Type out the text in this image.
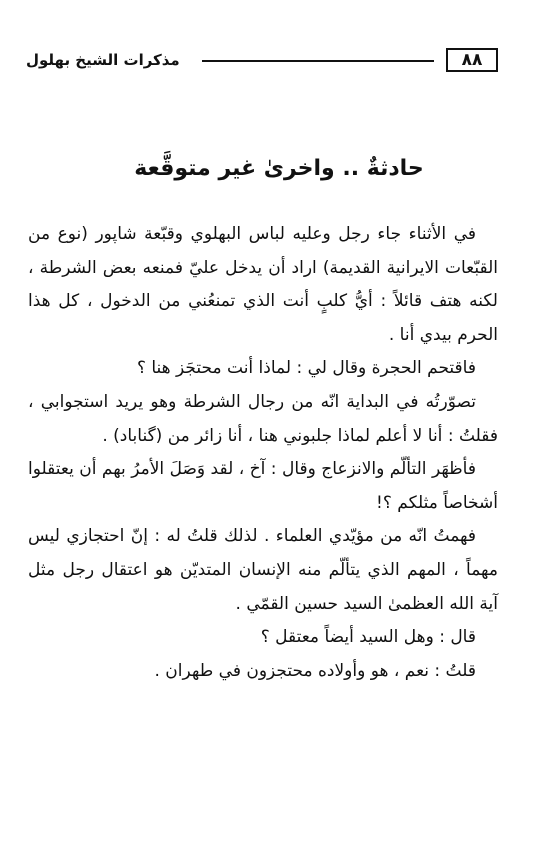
٨٨
مذكرات الشيخ بهلول
حادثةٌ .. واخرىٰ غير متوقَّعة

في الأثناء جاء رجل وعليه لباس البهلوي وقبّعة شاپور (نوع من القبّعات الايرانية القديمة) اراد أن يدخل عليّ فمنعه بعض الشرطة ، لكنه هتف قائلاً : أيُّ كلبٍ أنت الذي تمنعُني من الدخول ، كل هذا الحرم بيدي أنا .

فاقتحم الحجرة وقال لي : لماذا أنت محتجَز هنا ؟

تصوّرتُه في البداية انّه من رجال الشرطة وهو يريد استجوابي ، فقلتُ : أنا لا أعلم لماذا جلبوني هنا ، أنا زائر من (گناباد) .

فأظهَر التألّم والانزعاج وقال : آخ ، لقد وَصَلَ الأمرُ بهم أن يعتقلوا أشخاصاً مثلكم ؟!

فهمتُ انّه من مؤيّدي العلماء . لذلك قلتُ له : إنّ احتجازي ليس مهماً ، المهم الذي يتألّم منه الإنسان المتديّن هو اعتقال رجل مثل آية الله العظمىٰ السيد حسين القمّي .

قال : وهل السيد أيضاً معتقل ؟

قلتُ : نعم ، هو وأولاده محتجزون في طهران .
